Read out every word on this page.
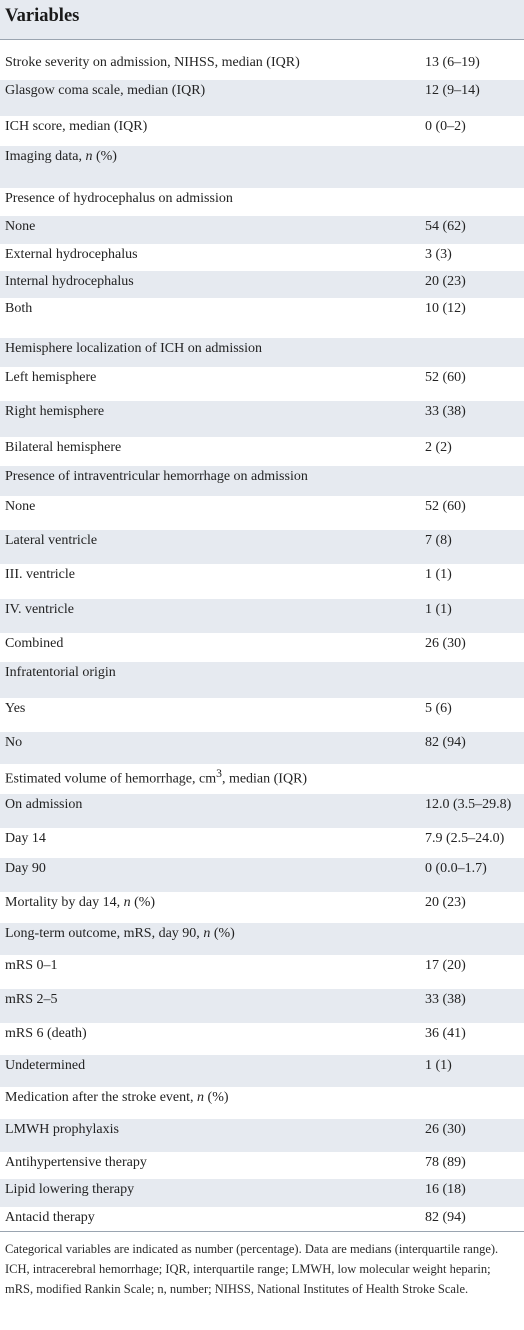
Variables
Stroke severity on admission, NIHSS, median (IQR)	13 (6–19)
Glasgow coma scale, median (IQR)	12 (9–14)
ICH score, median (IQR)	0 (0–2)
Imaging data, n (%)
Presence of hydrocephalus on admission
None	54 (62)
External hydrocephalus	3 (3)
Internal hydrocephalus	20 (23)
Both	10 (12)
Hemisphere localization of ICH on admission
Left hemisphere	52 (60)
Right hemisphere	33 (38)
Bilateral hemisphere	2 (2)
Presence of intraventricular hemorrhage on admission
None	52 (60)
Lateral ventricle	7 (8)
III. ventricle	1 (1)
IV. ventricle	1 (1)
Combined	26 (30)
Infratentorial origin
Yes	5 (6)
No	82 (94)
Estimated volume of hemorrhage, $cm^3$, median (IQR)
On admission	12.0 (3.5–29.8)
Day 14	7.9 (2.5–24.0)
Day 90	0 (0.0–1.7)
Mortality by day 14, n (%)	20 (23)
Long-term outcome, mRS, day 90, n (%)
mRS 0–1	17 (20)
mRS 2–5	33 (38)
mRS 6 (death)	36 (41)
Undetermined	1 (1)
Medication after the stroke event, n (%)
LMWH prophylaxis	26 (30)
Antihypertensive therapy	78 (89)
Lipid lowering therapy	16 (18)
Antacid therapy	82 (94)
Categorical variables are indicated as number (percentage). Data are medians (interquartile range). ICH, intracerebral hemorrhage; IQR, interquartile range; LMWH, low molecular weight heparin; mRS, modified Rankin Scale; n, number; NIHSS, National Institutes of Health Stroke Scale.
